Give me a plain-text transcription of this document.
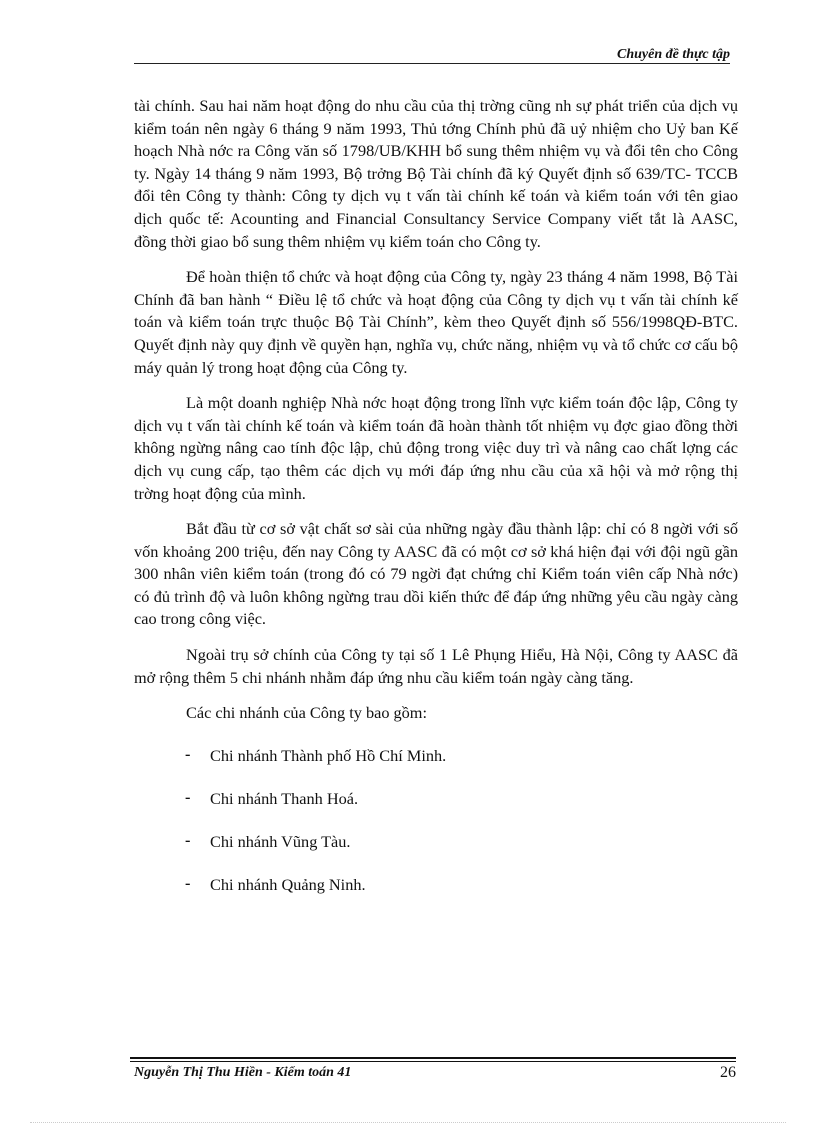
Chuyên đề thực tập

tài chính. Sau hai năm hoạt động do nhu cầu của thị trờng cũng nh sự phát triển của dịch vụ kiểm toán nên ngày 6 tháng 9 năm 1993, Thủ tớng Chính phủ đã uỷ nhiệm cho Uỷ ban Kế hoạch Nhà nớc ra Công văn số 1798/UB/KHH bổ sung thêm nhiệm vụ và đổi tên cho Công ty. Ngày 14 tháng 9 năm 1993, Bộ trởng Bộ Tài chính đã ký Quyết định số 639/TC- TCCB đổi tên Công ty thành: Công ty dịch vụ t vấn tài chính kế toán và kiểm toán với tên giao dịch quốc tế: Acounting and Financial Consultancy Service Company viết tắt là AASC, đồng thời giao bổ sung thêm nhiệm vụ kiểm toán cho Công ty.

Để hoàn thiện tổ chức và hoạt động của Công ty, ngày 23 tháng 4 năm 1998, Bộ Tài Chính đã ban hành “ Điều lệ tổ chức và hoạt động của Công ty dịch vụ t vấn tài chính kế toán và kiểm toán trực thuộc Bộ Tài Chính”, kèm theo Quyết định số 556/1998QĐ-BTC. Quyết định này quy định về quyền hạn, nghĩa vụ, chức năng, nhiệm vụ và tổ chức cơ cấu bộ máy quản lý trong hoạt động của Công ty.

Là một doanh nghiệp Nhà nớc hoạt động trong lĩnh vực kiểm toán độc lập, Công ty dịch vụ t vấn tài chính kế toán và kiểm toán đã hoàn thành tốt nhiệm vụ đợc giao đồng thời không ngừng nâng cao tính độc lập, chủ động trong việc duy trì và nâng cao chất lợng các dịch vụ cung cấp, tạo thêm các dịch vụ mới đáp ứng nhu cầu của xã hội và mở rộng thị trờng hoạt động của mình.

Bắt đầu từ cơ sở vật chất sơ sài của những ngày đầu thành lập: chỉ có 8 ngời với số vốn khoảng 200 triệu, đến nay Công ty AASC đã có một cơ sở khá hiện đại với đội ngũ gần 300 nhân viên kiểm toán (trong đó có 79 ngời đạt chứng chỉ Kiểm toán viên cấp Nhà nớc) có đủ trình độ và luôn không ngừng trau dồi kiến thức để đáp ứng những yêu cầu ngày càng cao trong công việc.

Ngoài trụ sở chính của Công ty tại số 1 Lê Phụng Hiểu, Hà Nội, Công ty AASC đã mở rộng thêm 5 chi nhánh nhằm đáp ứng nhu cầu kiểm toán ngày càng tăng.

Các chi nhánh của Công ty bao gồm:

- Chi nhánh Thành phố Hồ Chí Minh.
- Chi nhánh Thanh Hoá.
- Chi nhánh Vũng Tàu.
- Chi nhánh Quảng Ninh.
Nguyễn Thị Thu Hiền - Kiểm toán 41	26
